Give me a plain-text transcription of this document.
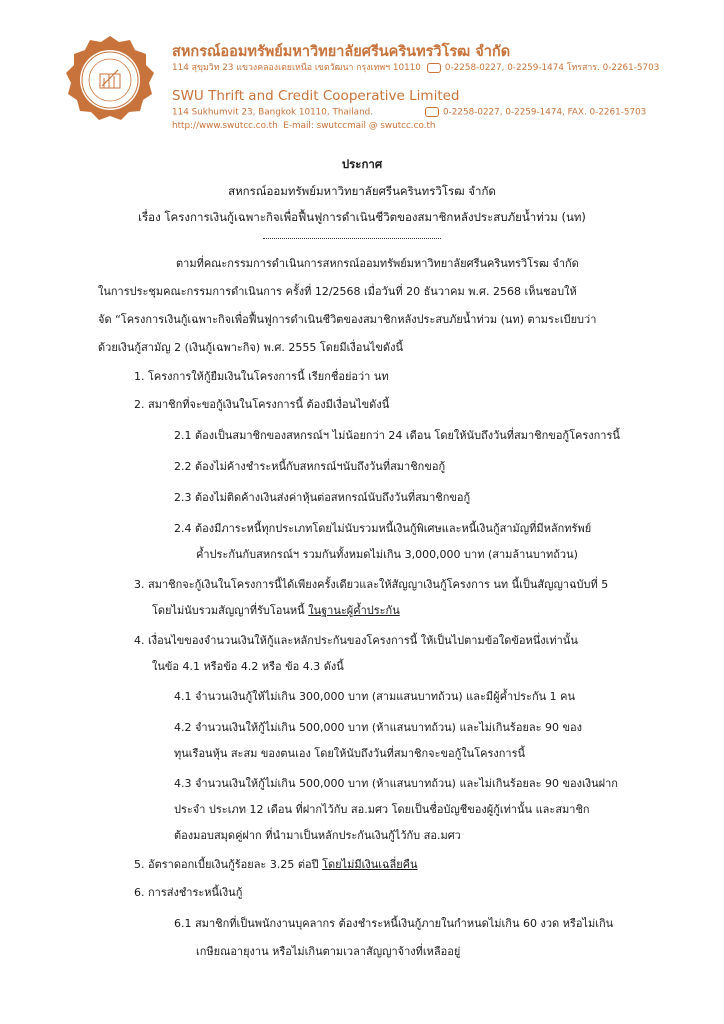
สหกรณ์ออมทรัพย์มหาวิทยาลัยศรีนครินทรวิโรฒ จำกัด
114 สุขุมวิท 23 แขวงคลองเตยเหนือ เขตวัฒนา กรุงเทพฯ 10110	0-2258-0227, 0-2259-1474 โทรสาร. 0-2261-5703
SWU Thrift and Credit Cooperative Limited
114 Sukhumvit 23, Bangkok 10110, Thailand.	0-2258-0227, 0-2259-1474, FAX. 0-2261-5703
http://www.swutcc.co.th E-mail: swutccmail @ swutcc.co.th
ประกาศ
สหกรณ์ออมทรัพย์มหาวิทยาลัยศรีนครินทรวิโรฒ จำกัด
เรื่อง โครงการเงินกู้เฉพาะกิจเพื่อฟื้นฟูการดำเนินชีวิตของสมาชิกหลังประสบภัยน้ำท่วม (นท)
ตามที่คณะกรรมการดำเนินการสหกรณ์ออมทรัพย์มหาวิทยาลัยศรีนครินทรวิโรฒ จำกัด
ในการประชุมคณะกรรมการดำเนินการ ครั้งที่ 12/2568 เมื่อวันที่ 20 ธันวาคม พ.ศ. 2568 เห็นชอบให้
จัด “โครงการเงินกู้เฉพาะกิจเพื่อฟื้นฟูการดำเนินชีวิตของสมาชิกหลังประสบภัยน้ำท่วม (นท) ตามระเบียบว่า
ด้วยเงินกู้สามัญ 2 (เงินกู้เฉพาะกิจ) พ.ศ. 2555 โดยมีเงื่อนไขดังนี้
1. โครงการให้กู้ยืมเงินในโครงการนี้ เรียกชื่อย่อว่า นท
2. สมาชิกที่จะขอกู้เงินในโครงการนี้ ต้องมีเงื่อนไขดังนี้
2.1 ต้องเป็นสมาชิกของสหกรณ์ฯ ไม่น้อยกว่า 24 เดือน โดยให้นับถึงวันที่สมาชิกขอกู้โครงการนี้
2.2 ต้องไม่ค้างชำระหนี้กับสหกรณ์ฯนับถึงวันที่สมาชิกขอกู้
2.3 ต้องไม่ติดค้างเงินส่งค่าหุ้นต่อสหกรณ์นับถึงวันที่สมาชิกขอกู้
2.4 ต้องมีภาระหนี้ทุกประเภทโดยไม่นับรวมหนี้เงินกู้พิเศษและหนี้เงินกู้สามัญที่มีหลักทรัพย์
ค้ำประกันกับสหกรณ์ฯ รวมกันทั้งหมดไม่เกิน 3,000,000 บาท (สามล้านบาทถ้วน)
3. สมาชิกจะกู้เงินในโครงการนี้ได้เพียงครั้งเดียวและให้สัญญาเงินกู้โครงการ นท นี้เป็นสัญญาฉบับที่ 5
โดยไม่นับรวมสัญญาที่รับโอนหนี้ ในฐานะผู้ค้ำประกัน
4. เงื่อนไขของจำนวนเงินให้กู้และหลักประกันของโครงการนี้ ให้เป็นไปตามข้อใดข้อหนึ่งเท่านั้น
ในข้อ 4.1 หรือข้อ 4.2 หรือ ข้อ 4.3 ดังนี้
4.1 จำนวนเงินกู้ให้ไม่เกิน 300,000 บาท (สามแสนบาทถ้วน) และมีผู้ค้ำประกัน 1 คน
4.2 จำนวนเงินให้กู้ไม่เกิน 500,000 บาท (ห้าแสนบาทถ้วน) และไม่เกินร้อยละ 90 ของ
ทุนเรือนหุ้น สะสม ของตนเอง โดยให้นับถึงวันที่สมาชิกจะขอกู้ในโครงการนี้
4.3 จำนวนเงินให้กู้ไม่เกิน 500,000 บาท (ห้าแสนบาทถ้วน) และไม่เกินร้อยละ 90 ของเงินฝาก
ประจำ ประเภท 12 เดือน ที่ฝากไว้กับ สอ.มศว โดยเป็นชื่อบัญชีของผู้กู้เท่านั้น และสมาชิก
ต้องมอบสมุดคู่ฝาก ที่นำมาเป็นหลักประกันเงินกู้ไว้กับ สอ.มศว
5. อัตราดอกเบี้ยเงินกู้ร้อยละ 3.25 ต่อปี โดยไม่มีเงินเฉลี่ยคืน
6. การส่งชำระหนี้เงินกู้
6.1 สมาชิกที่เป็นพนักงานบุคลากร ต้องชำระหนี้เงินกู้ภายในกำหนดไม่เกิน 60 งวด หรือไม่เกิน
เกษียณอายุงาน หรือไม่เกินตามเวลาสัญญาจ้างที่เหลืออยู่
